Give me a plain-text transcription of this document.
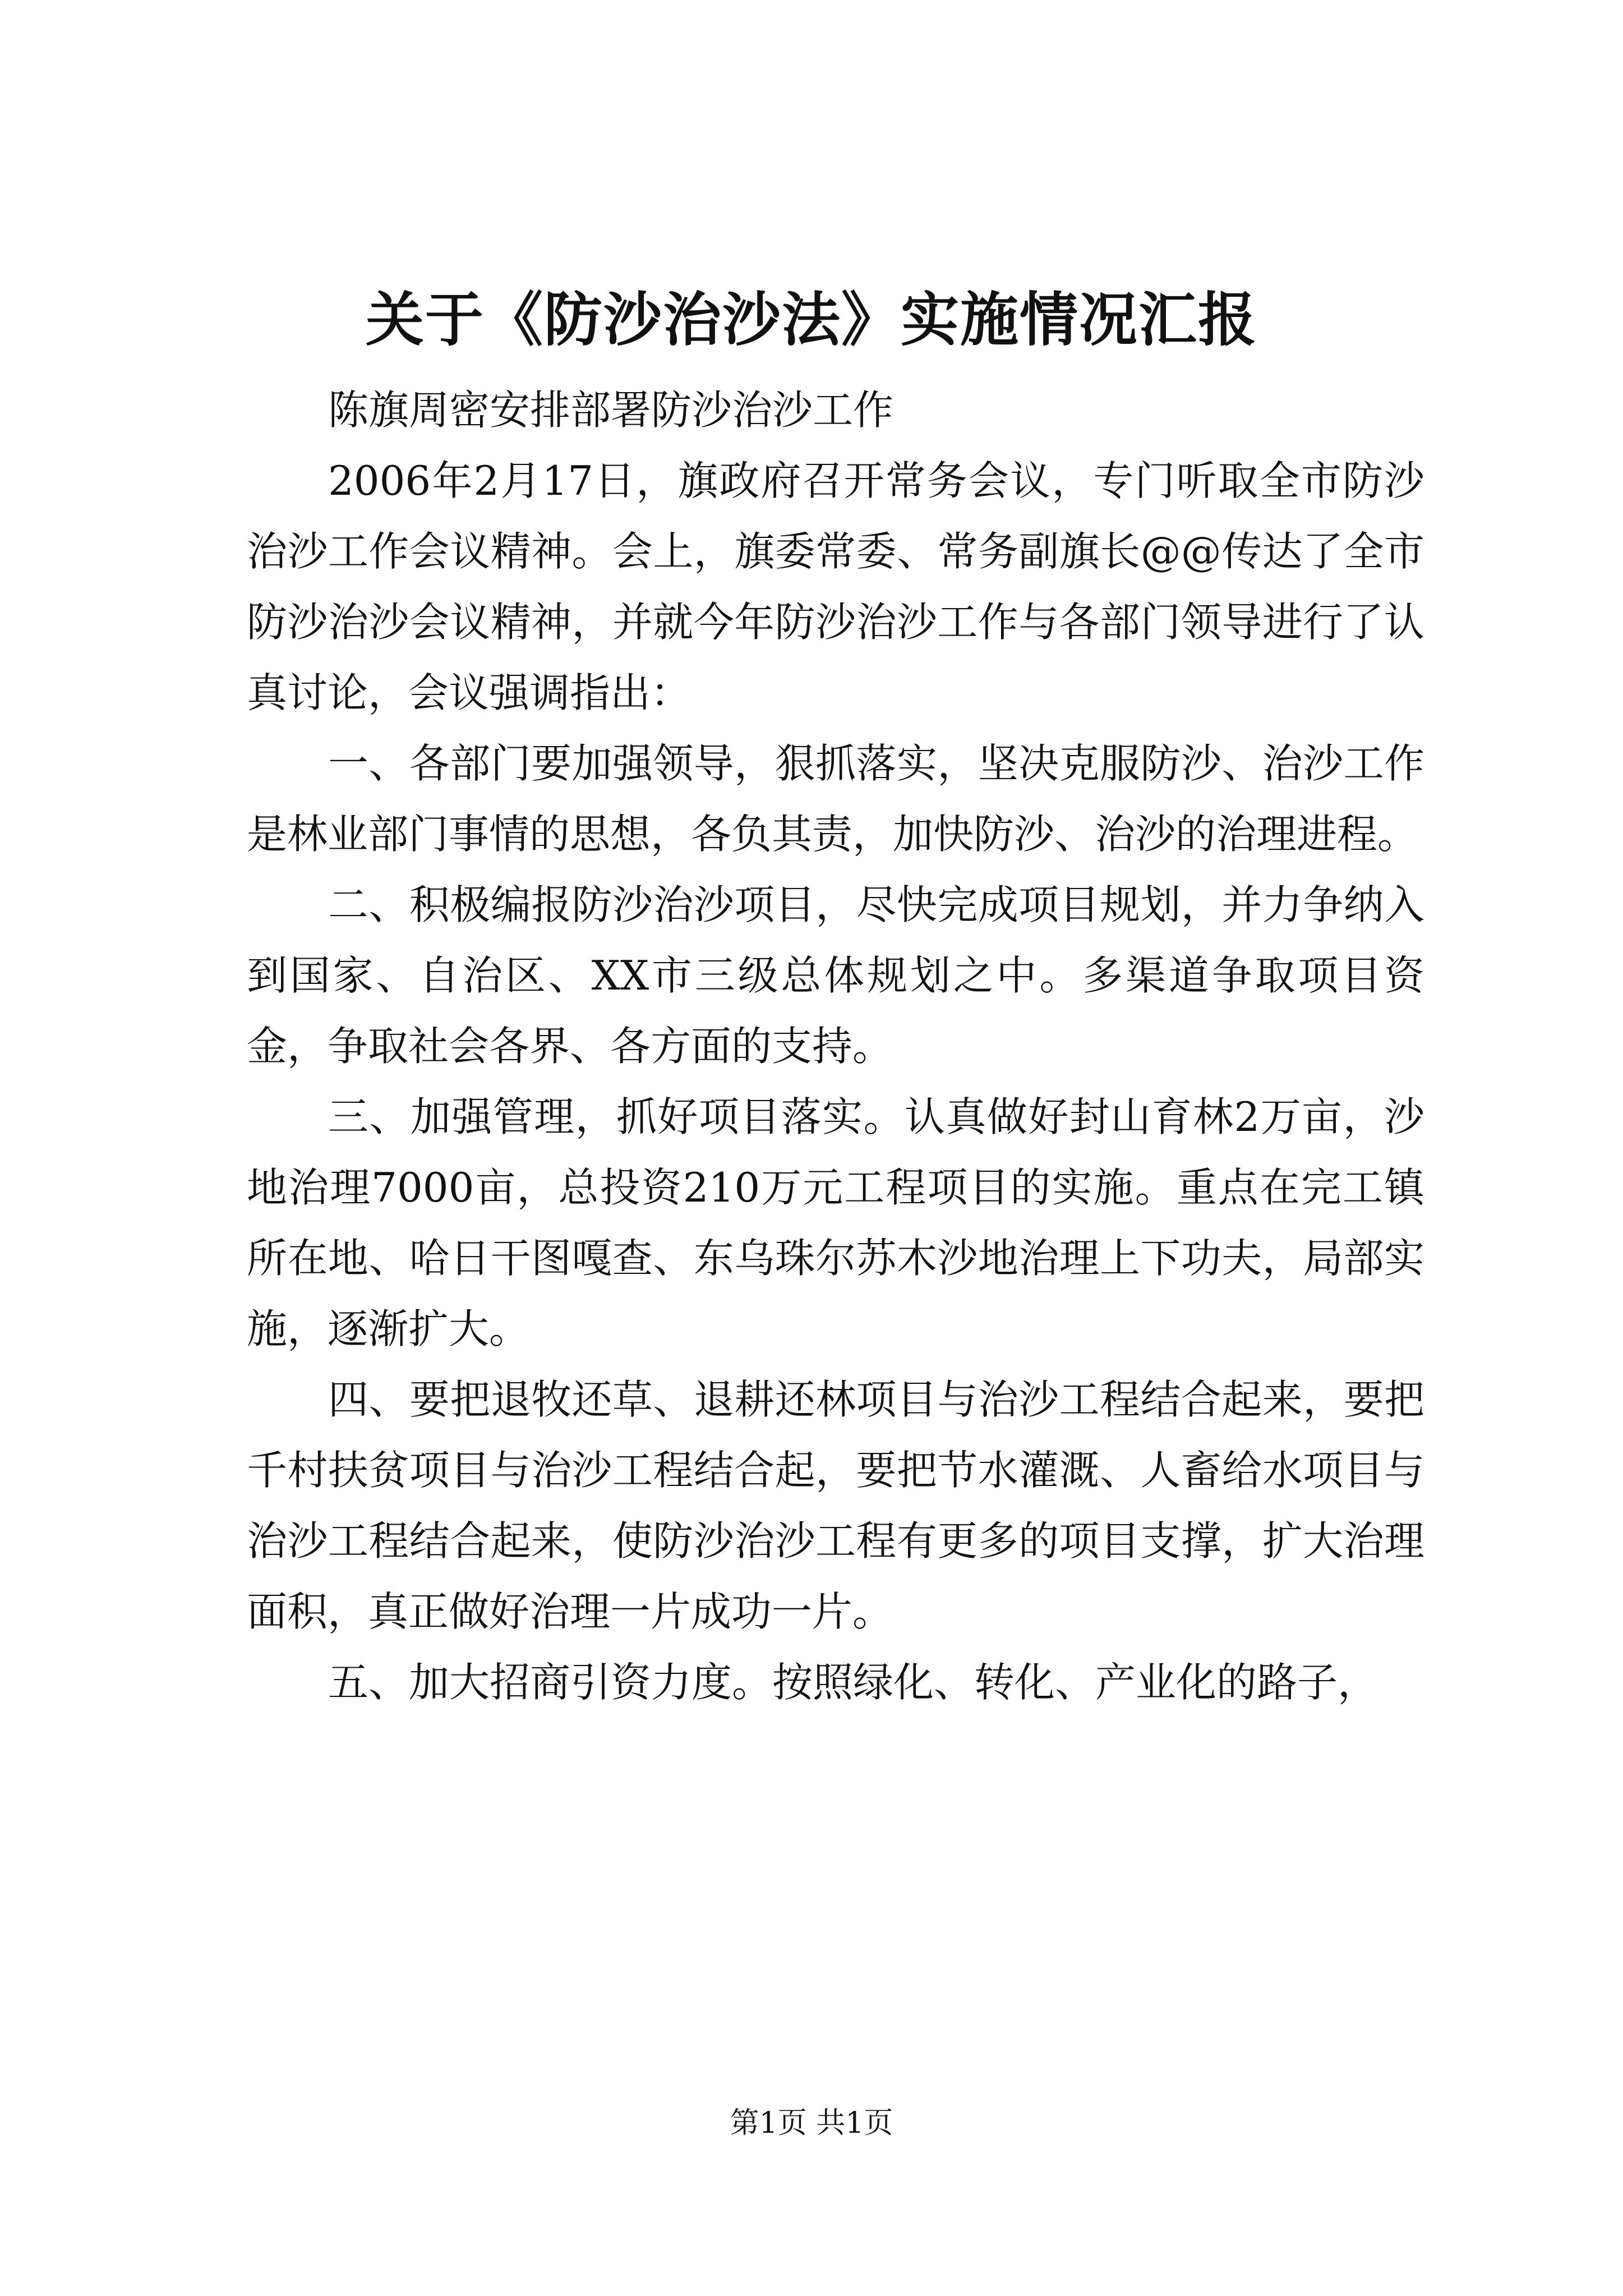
关于《防沙治沙法》实施情况汇报

陈旗周密安排部署防沙治沙工作

2006年2月17日，旗政府召开常务会议，专门听取全市防沙治沙工作会议精神。会上，旗委常委、常务副旗长@@传达了全市防沙治沙会议精神，并就今年防沙治沙工作与各部门领导进行了认真讨论，会议强调指出：

一、各部门要加强领导，狠抓落实，坚决克服防沙、治沙工作是林业部门事情的思想，各负其责，加快防沙、治沙的治理进程。

二、积极编报防沙治沙项目，尽快完成项目规划，并力争纳入到国家、自治区、XX市三级总体规划之中。多渠道争取项目资金，争取社会各界、各方面的支持。

三、加强管理，抓好项目落实。认真做好封山育林2万亩，沙地治理7000亩，总投资210万元工程项目的实施。重点在完工镇所在地、哈日干图嘎查、东乌珠尔苏木沙地治理上下功夫，局部实施，逐渐扩大。

四、要把退牧还草、退耕还林项目与治沙工程结合起来，要把千村扶贫项目与治沙工程结合起，要把节水灌溉、人畜给水项目与治沙工程结合起来，使防沙治沙工程有更多的项目支撑，扩大治理面积，真正做好治理一片成功一片。

五、加大招商引资力度。按照绿化、转化、产业化的路子，

第1页 共1页
